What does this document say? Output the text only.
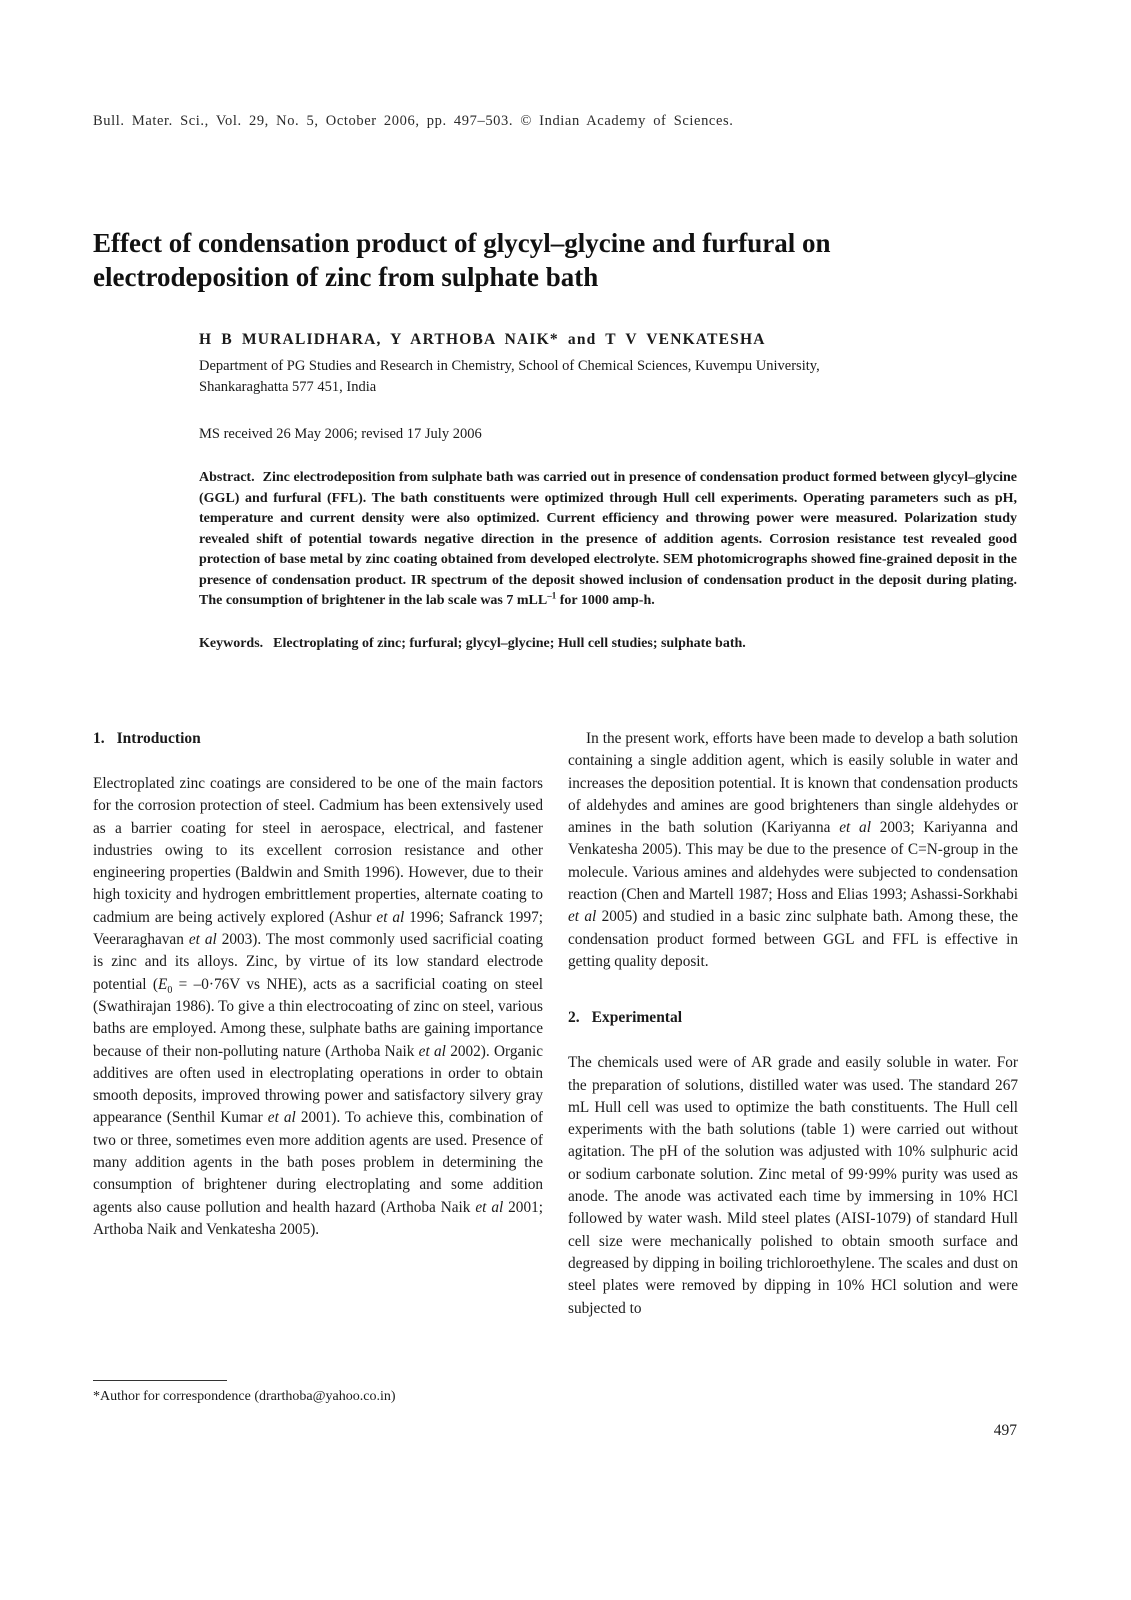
Bull. Mater. Sci., Vol. 29, No. 5, October 2006, pp. 497–503. © Indian Academy of Sciences.
Effect of condensation product of glycyl–glycine and furfural on
electrodeposition of zinc from sulphate bath

H B MURALIDHARA, Y ARTHOBA NAIK* and T V VENKATESHA

Department of PG Studies and Research in Chemistry, School of Chemical Sciences, Kuvempu University,
Shankaraghatta 577 451, India

MS received 26 May 2006; revised 17 July 2006

Abstract. Zinc electrodeposition from sulphate bath was carried out in presence of condensation product formed between glycyl–glycine (GGL) and furfural (FFL). The bath constituents were optimized through Hull cell experiments. Operating parameters such as pH, temperature and current density were also optimized. Current efficiency and throwing power were measured. Polarization study revealed shift of potential towards negative direction in the presence of addition agents. Corrosion resistance test revealed good protection of base metal by zinc coating obtained from developed electrolyte. SEM photomicrographs showed fine-grained deposit in the presence of condensation product. IR spectrum of the deposit showed inclusion of condensation product in the deposit during plating. The consumption of brightener in the lab scale was 7 mLL$^{-1}$ for 1000 amp-h.

Keywords. Electroplating of zinc; furfural; glycyl–glycine; Hull cell studies; sulphate bath.

1. Introduction

Electroplated zinc coatings are considered to be one of the main factors for the corrosion protection of steel. Cadmium has been extensively used as a barrier coating for steel in aerospace, electrical, and fastener industries owing to its excellent corrosion resistance and other engineering properties (Baldwin and Smith 1996). However, due to their high toxicity and hydrogen embrittlement properties, alternate coating to cadmium are being actively explored (Ashur et al 1996; Safranck 1997; Veeraraghavan et al 2003). The most commonly used sacrificial coating is zinc and its alloys. Zinc, by virtue of its low standard electrode potential ($E_0 = -0\cdot 76V$ vs NHE), acts as a sacrificial coating on steel (Swathirajan 1986). To give a thin electrocoating of zinc on steel, various baths are employed. Among these, sulphate baths are gaining importance because of their non-polluting nature (Arthoba Naik et al 2002). Organic additives are often used in electroplating operations in order to obtain smooth deposits, improved throwing power and satisfactory silvery gray appearance (Senthil Kumar et al 2001). To achieve this, combination of two or three, sometimes even more addition agents are used. Presence of many addition agents in the bath poses problem in determining the consumption of brightener during electroplating and some addition agents also cause pollution and health hazard (Arthoba Naik et al 2001; Arthoba Naik and Venkatesha 2005).

*Author for correspondence (drarthoba@yahoo.co.in)

In the present work, efforts have been made to develop a bath solution containing a single addition agent, which is easily soluble in water and increases the deposition potential. It is known that condensation products of aldehydes and amines are good brighteners than single aldehydes or amines in the bath solution (Kariyanna et al 2003; Kariyanna and Venkatesha 2005). This may be due to the presence of C=N-group in the molecule. Various amines and aldehydes were subjected to condensation reaction (Chen and Martell 1987; Hoss and Elias 1993; Ashassi-Sorkhabi et al 2005) and studied in a basic zinc sulphate bath. Among these, the condensation product formed between GGL and FFL is effective in getting quality deposit.

2. Experimental

The chemicals used were of AR grade and easily soluble in water. For the preparation of solutions, distilled water was used. The standard 267 mL Hull cell was used to optimize the bath constituents. The Hull cell experiments with the bath solutions (table 1) were carried out without agitation. The pH of the solution was adjusted with 10% sulphuric acid or sodium carbonate solution. Zinc metal of 99·99% purity was used as anode. The anode was activated each time by immersing in 10% HCl followed by water wash. Mild steel plates (AISI-1079) of standard Hull cell size were mechanically polished to obtain smooth surface and degreased by dipping in boiling trichloroethylene. The scales and dust on steel plates were removed by dipping in 10% HCl solution and were subjected to

497
